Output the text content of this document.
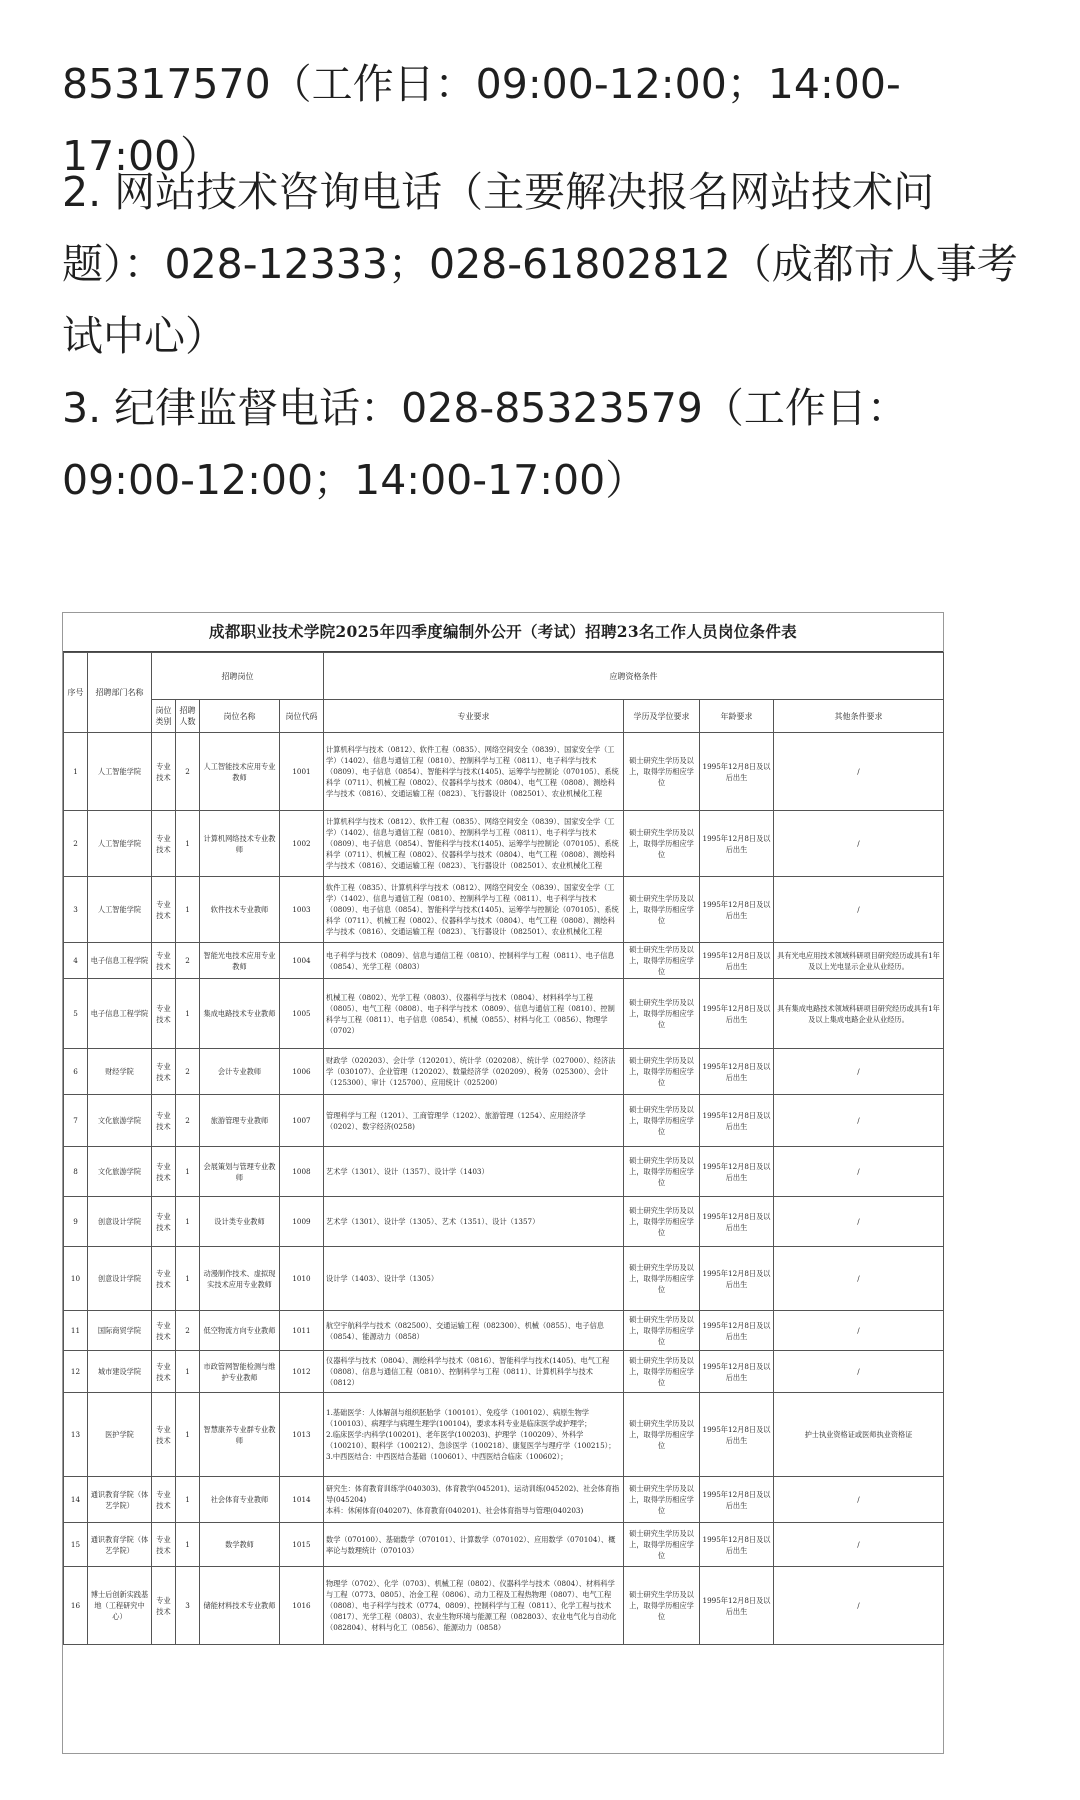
85317570（工作日：09:00-12:00；14:00-17:00）
2. 网站技术咨询电话（主要解决报名网站技术问题）：028-12333；028-61802812（成都市人事考试中心）
3. 纪律监督电话：028-85323579（工作日：09:00-12:00；14:00-17:00）
成都职业技术学院2025年四季度编制外公开（考试）招聘23名工作人员岗位条件表
序号	招聘部门名称	招聘岗位				应聘资格条件			
		岗位类别	招聘人数	岗位名称	岗位代码	专业要求	学历及学位要求	年龄要求	其他条件要求
1	人工智能学院	专业技术	2	人工智能技术应用专业教师	1001	计算机科学与技术（0812）、软件工程（0835）、网络空间安全（0839）、国家安全学（工学）（1402）、信息与通信工程（0810）、控制科学与工程（0811）、电子科学与技术（0809）、电子信息（0854）、智能科学与技术(1405)、运筹学与控制论（070105）、系统科学（0711）、机械工程（0802）、仪器科学与技术（0804）、电气工程（0808）、测绘科学与技术（0816）、交通运输工程（0823）、飞行器设计（082501）、农业机械化工程	硕士研究生学历及以上，取得学历相应学位	1995年12月8日及以后出生	/
2	人工智能学院	专业技术	1	计算机网络技术专业教师	1002	计算机科学与技术（0812）、软件工程（0835）、网络空间安全（0839）、国家安全学（工学）（1402）、信息与通信工程（0810）、控制科学与工程（0811）、电子科学与技术（0809）、电子信息（0854）、智能科学与技术(1405)、运筹学与控制论（070105）、系统科学（0711）、机械工程（0802）、仪器科学与技术（0804）、电气工程（0808）、测绘科学与技术（0816）、交通运输工程（0823）、飞行器设计（082501）、农业机械化工程	硕士研究生学历及以上，取得学历相应学位	1995年12月8日及以后出生	/
3	人工智能学院	专业技术	1	软件技术专业教师	1003	软件工程（0835）、计算机科学与技术（0812）、网络空间安全（0839）、国家安全学（工学）（1402）、信息与通信工程（0810）、控制科学与工程（0811）、电子科学与技术（0809）、电子信息（0854）、智能科学与技术(1405)、运筹学与控制论（070105）、系统科学（0711）、机械工程（0802）、仪器科学与技术（0804）、电气工程（0808）、测绘科学与技术（0816）、交通运输工程（0823）、飞行器设计（082501）、农业机械化工程	硕士研究生学历及以上，取得学历相应学位	1995年12月8日及以后出生	/
4	电子信息工程学院	专业技术	2	智能光电技术应用专业教师	1004	电子科学与技术（0809）、信息与通信工程（0810）、控制科学与工程（0811）、电子信息（0854）、光学工程（0803）	硕士研究生学历及以上，取得学历相应学位	1995年12月8日及以后出生	具有光电应用技术领域科研项目研究经历或具有1年及以上光电显示企业从业经历。
5	电子信息工程学院	专业技术	1	集成电路技术专业教师	1005	机械工程（0802）、光学工程（0803）、仪器科学与技术（0804）、材料科学与工程（0805）、电气工程（0808）、电子科学与技术（0809）、信息与通信工程（0810）、控制科学与工程（0811）、电子信息（0854）、机械（0855）、材料与化工（0856）、物理学（0702）	硕士研究生学历及以上，取得学历相应学位	1995年12月8日及以后出生	具有集成电路技术领域科研项目研究经历或具有1年及以上集成电路企业从业经历。
6	财经学院	专业技术	2	会计专业教师	1006	财政学（020203）、会计学（120201）、统计学（020208）、统计学（027000）、经济法学（030107）、企业管理（120202）、数量经济学（020209）、税务（025300）、会计（125300）、审计（125700）、应用统计（025200）	硕士研究生学历及以上，取得学历相应学位	1995年12月8日及以后出生	/
7	文化旅游学院	专业技术	2	旅游管理专业教师	1007	管理科学与工程（1201）、工商管理学（1202）、旅游管理（1254）、应用经济学（0202）、数字经济(0258)	硕士研究生学历及以上，取得学历相应学位	1995年12月8日及以后出生	/
8	文化旅游学院	专业技术	1	会展策划与管理专业教师	1008	艺术学（1301）、设计（1357）、设计学（1403）	硕士研究生学历及以上，取得学历相应学位	1995年12月8日及以后出生	/
9	创意设计学院	专业技术	1	设计类专业教师	1009	艺术学（1301）、设计学（1305）、艺术（1351）、设计（1357）	硕士研究生学历及以上，取得学历相应学位	1995年12月8日及以后出生	/
10	创意设计学院	专业技术	1	动漫制作技术、虚拟现实技术应用专业教师	1010	设计学（1403）、设计学（1305）	硕士研究生学历及以上，取得学历相应学位	1995年12月8日及以后出生	/
11	国际商贸学院	专业技术	2	低空物流方向专业教师	1011	航空宇航科学与技术（082500）、交通运输工程（082300）、机械（0855）、电子信息（0854）、能源动力（0858）	硕士研究生学历及以上，取得学历相应学位	1995年12月8日及以后出生	/
12	城市建设学院	专业技术	1	市政管网智能检测与维护专业教师	1012	仪器科学与技术（0804）、测绘科学与技术（0816）、智能科学与技术(1405)、电气工程（0808）、信息与通信工程（0810）、控制科学与工程（0811）、计算机科学与技术（0812）	硕士研究生学历及以上，取得学历相应学位	1995年12月8日及以后出生	/
13	医护学院	专业技术	1	智慧康养专业群专业教师	1013	1.基础医学：人体解剖与组织胚胎学（100101）、免疫学（100102）、病原生物学（100103）、病理学与病理生理学(100104)，要求本科专业是临床医学或护理学；
2.临床医学:内科学(100201)、老年医学(100203)、护理学（100209）、外科学（100210）、眼科学（100212）、急诊医学（100218）、康复医学与理疗学（100215）；
3.中西医结合：中西医结合基础（100601）、中西医结合临床（100602）；	硕士研究生学历及以上，取得学历相应学位	1995年12月8日及以后出生	护士执业资格证或医师执业资格证
14	通识教育学院（体艺学院）	专业技术	1	社会体育专业教师	1014	研究生：体育教育训练学(040303)、体育教学(045201)、运动训练(045202)、社会体育指导(045204)
本科：休闲体育(040207)、体育教育(040201)、社会体育指导与管理(040203)	硕士研究生学历及以上，取得学历相应学位	1995年12月8日及以后出生	/
15	通识教育学院（体艺学院）	专业技术	1	数学教师	1015	数学（070100）、基础数学（070101）、计算数学（070102）、应用数学（070104）、概率论与数理统计（070103）	硕士研究生学历及以上，取得学历相应学位	1995年12月8日及以后出生	/
16	博士后创新实践基地（工程研究中心）	专业技术	3	储能材料技术专业教师	1016	物理学（0702）、化学（0703）、机械工程（0802）、仪器科学与技术（0804）、材料科学与工程（0773、0805）、冶金工程（0806）、动力工程及工程热物理（0807）、电气工程（0808）、电子科学与技术（0774、0809）、控制科学与工程（0811）、化学工程与技术（0817）、光学工程（0803）、农业生物环境与能源工程（082803）、农业电气化与自动化（082804）、材料与化工（0856）、能源动力（0858）	硕士研究生学历及以上，取得学历相应学位	1995年12月8日及以后出生	/
